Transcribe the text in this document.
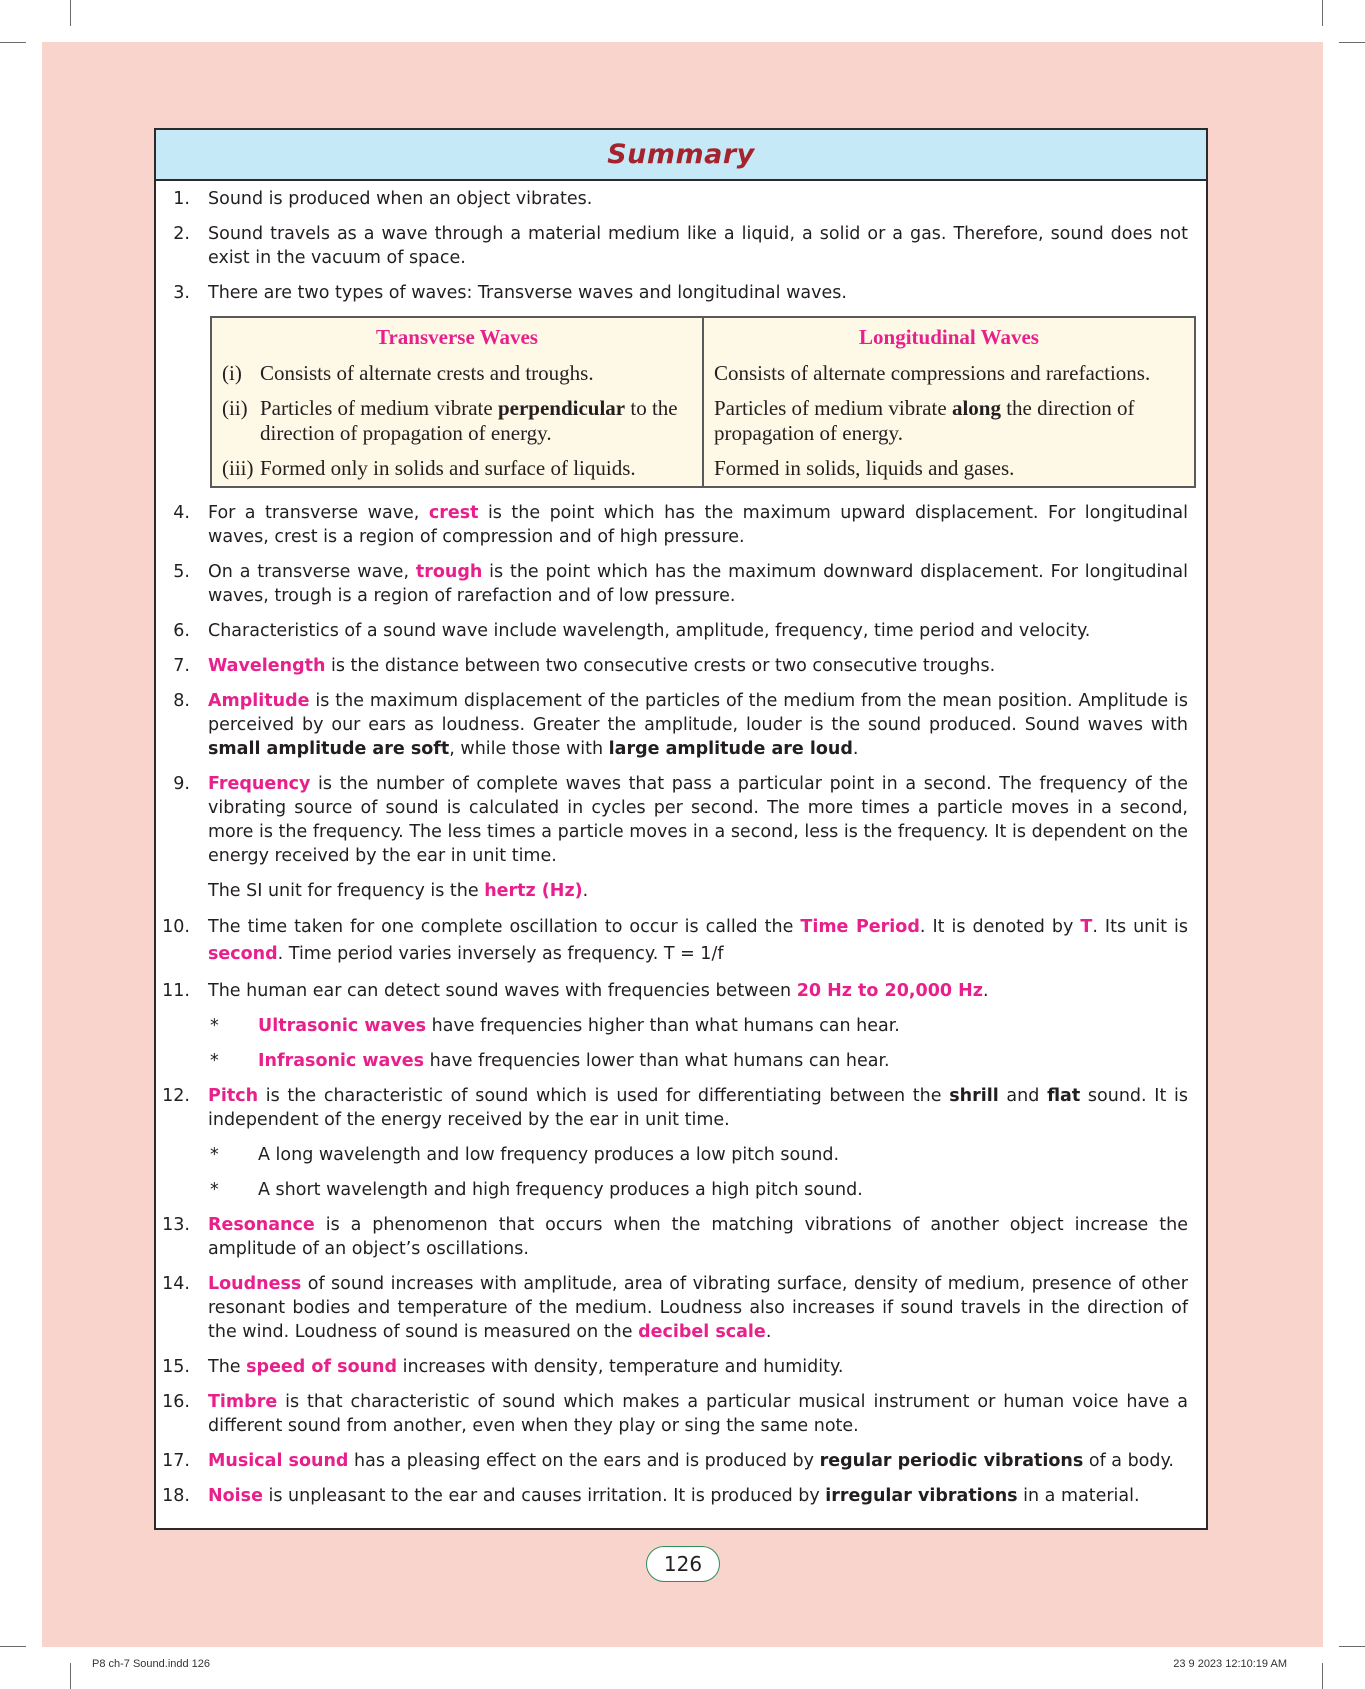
Summary
1. Sound is produced when an object vibrates.
2. Sound travels as a wave through a material medium like a liquid, a solid or a gas. Therefore, sound does not exist in the vacuum of space.
3. There are two types of waves: Transverse waves and longitudinal waves.
Transverse Waves	Longitudinal Waves
(i) Consists of alternate crests and troughs.	Consists of alternate compressions and rarefactions.

(ii) Particles of medium vibrate perpendicular to the direction of propagation of energy.	Particles of medium vibrate along the direction of propagation of energy.
(iii) Formed only in solids and surface of liquids.	Formed in solids, liquids and gases.
4. For a transverse wave, crest is the point which has the maximum upward displacement. For longitudinal waves, crest is a region of compression and of high pressure.
5. On a transverse wave, trough is the point which has the maximum downward displacement. For longitudinal waves, trough is a region of rarefaction and of low pressure.
6. Characteristics of a sound wave include wavelength, amplitude, frequency, time period and velocity.
7. Wavelength is the distance between two consecutive crests or two consecutive troughs.
8. Amplitude is the maximum displacement of the particles of the medium from the mean position. Amplitude is perceived by our ears as loudness. Greater the amplitude, louder is the sound produced. Sound waves with small amplitude are soft, while those with large amplitude are loud.
9. Frequency is the number of complete waves that pass a particular point in a second. The frequency of the vibrating source of sound is calculated in cycles per second. The more times a particle moves in a second, more is the frequency. The less times a particle moves in a second, less is the frequency. It is dependent on the energy received by the ear in unit time.
The SI unit for frequency is the hertz (Hz).
10. The time taken for one complete oscillation to occur is called the Time Period. It is denoted by T. Its unit is second. Time period varies inversely as frequency. T = 1/f
11. The human ear can detect sound waves with frequencies between 20 Hz to 20,000 Hz.
* Ultrasonic waves have frequencies higher than what humans can hear.
* Infrasonic waves have frequencies lower than what humans can hear.
12. Pitch is the characteristic of sound which is used for differentiating between the shrill and flat sound. It is independent of the energy received by the ear in unit time.
* A long wavelength and low frequency produces a low pitch sound.
* A short wavelength and high frequency produces a high pitch sound.
13. Resonance is a phenomenon that occurs when the matching vibrations of another object increase the amplitude of an object’s oscillations.
14. Loudness of sound increases with amplitude, area of vibrating surface, density of medium, presence of other resonant bodies and temperature of the medium. Loudness also increases if sound travels in the direction of the wind. Loudness of sound is measured on the decibel scale.
15. The speed of sound increases with density, temperature and humidity.
16. Timbre is that characteristic of sound which makes a particular musical instrument or human voice have a different sound from another, even when they play or sing the same note.
17. Musical sound has a pleasing effect on the ears and is produced by regular periodic vibrations of a body.
18. Noise is unpleasant to the ear and causes irritation. It is produced by irregular vibrations in a material.
126
P8 ch-7 Sound.indd 126	23 9 2023 12:10:19 AM
